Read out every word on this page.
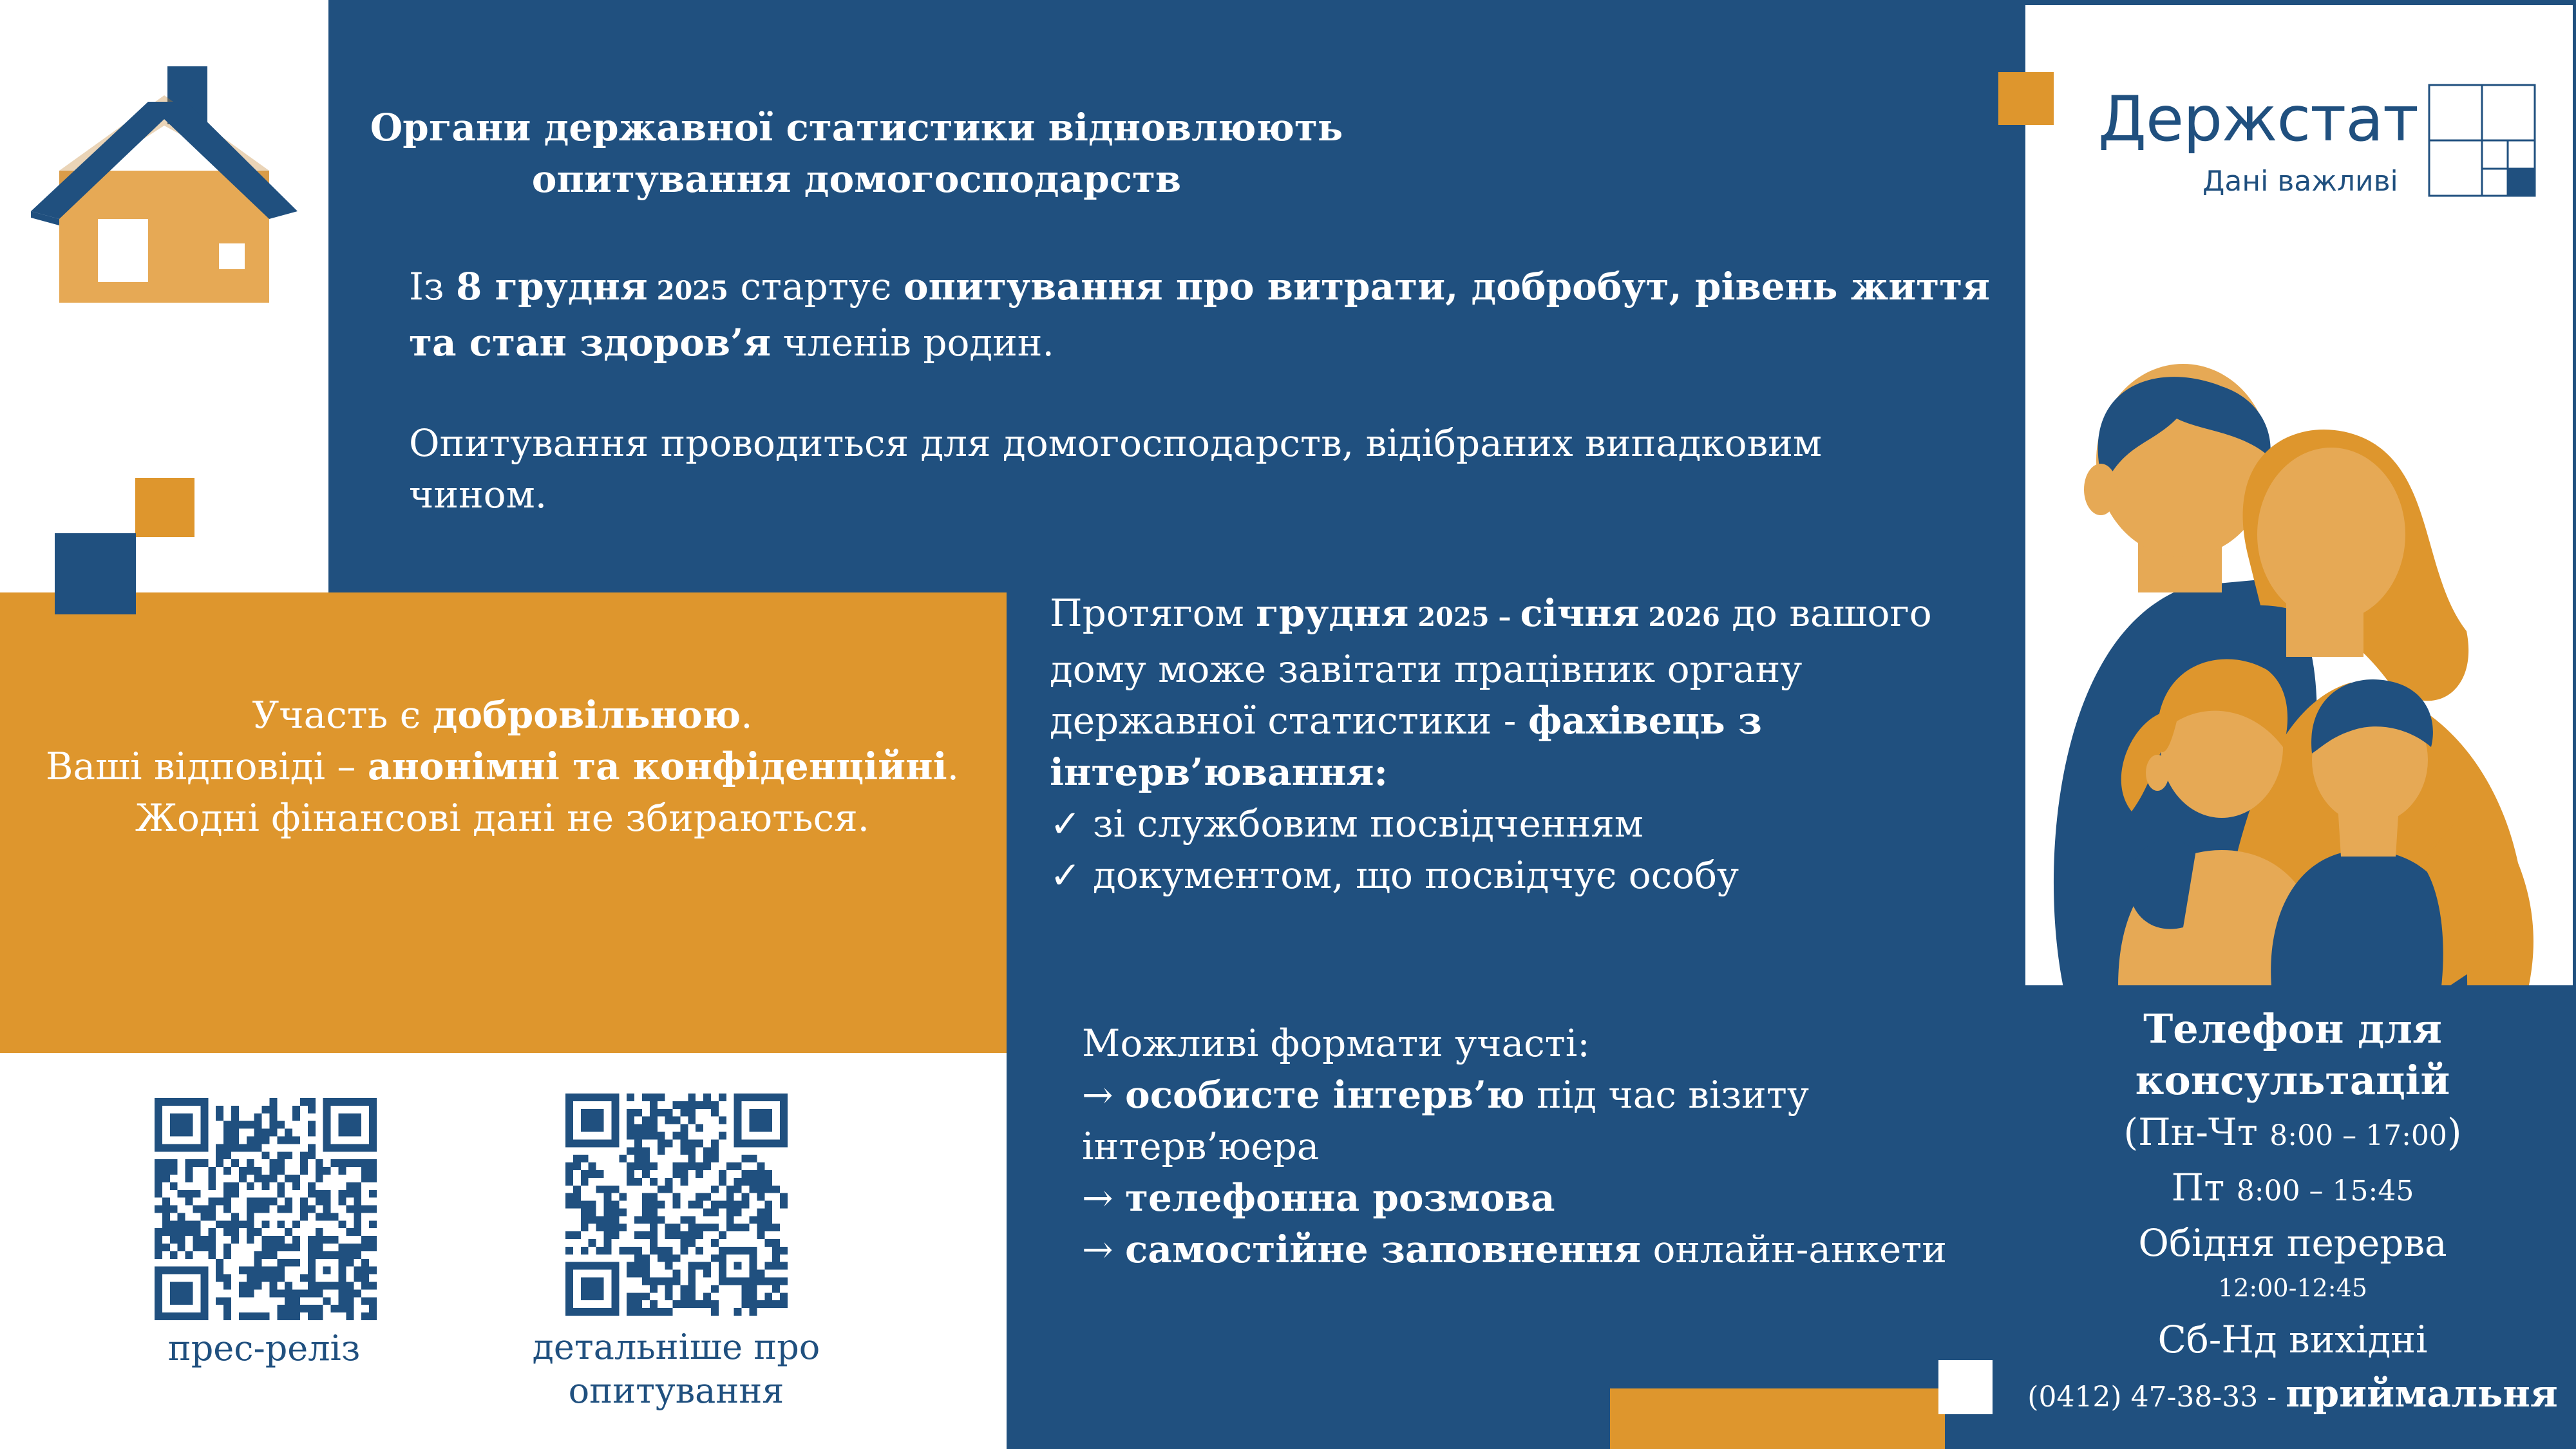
Органи державної статистики відновлюють
опитування домогосподарств
Із 8 грудня 2025 стартує опитування про витрати, добробут, рівень життя та стан здоров’я членів родин.
Опитування проводиться для домогосподарств, відібраних випадковим чином.
Протягом грудня 2025 – січня 2026 до вашого дому може завітати працівник органу державної статистики - фахівець з інтерв’ювання:
✓ зі службовим посвідченням
✓ документом, що посвідчує особу
Участь є добровільною.
Ваші відповіді – анонімні та конфіденційні.
Жодні фінансові дані не збираються.
Можливі формати участі:
→ особисте інтерв’ю під час візиту інтерв’юера
→ телефонна розмова
→ самостійне заповнення онлайн-анкети
прес-реліз	детальніше про
опитування
Держстат
Дані важливі
Телефон для
консультацій
(Пн-Чт 8:00 – 17:00)
Пт 8:00 – 15:45
Обідня перерва
12:00-12:45
Сб-Нд вихідні
(0412) 47-38-33 - приймальня
